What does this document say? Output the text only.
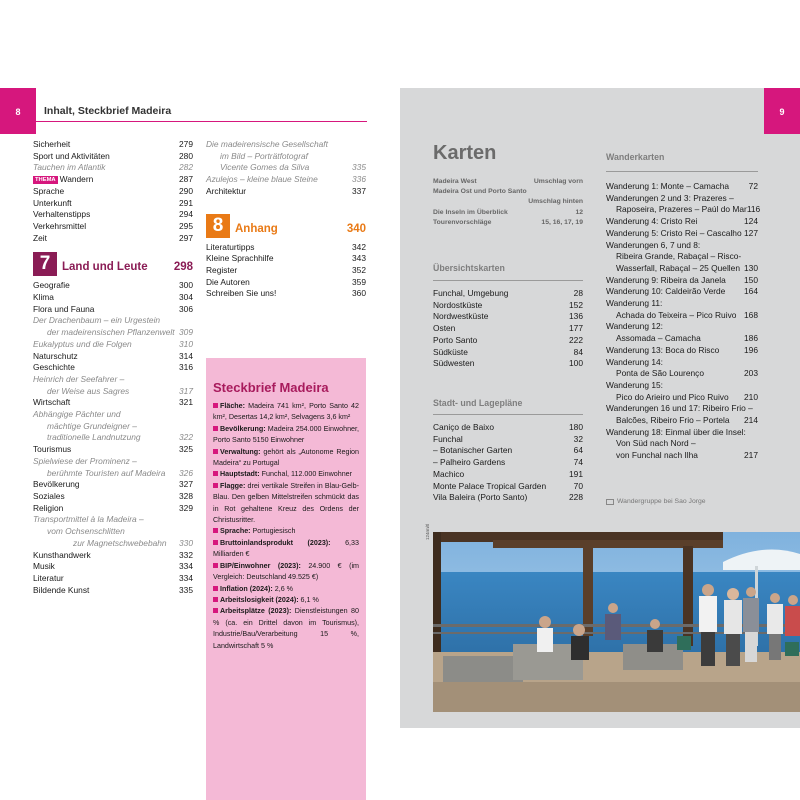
8	Inhalt, Steckbrief Madeira
Sicherheit	279
Sport und Aktivitäten	280
Tauchen im Atlantik	282
THEMA Wandern	287
Sprache	290
Unterkunft	291
Verhaltenstipps	294
Verkehrsmittel	295
Zeit	297
7	Land und Leute	298
Geografie	300
Klima	304
Flora und Fauna	306
Der Drachenbaum – ein Urgestein
der madeirensischen Pflanzenwelt 309
Eukalyptus und die Folgen	310
Naturschutz	314
Geschichte	316
Heinrich der Seefahrer –
der Weise aus Sagres	317
Wirtschaft	321
Abhängige Pächter und
mächtige Grundeigner –
traditionelle Landnutzung	322
Tourismus	325
Spielwiese der Prominenz –
berühmte Touristen auf Madeira	326
Bevölkerung	327
Soziales	328
Religion	329
Transportmittel à la Madeira –
vom Ochsenschlitten
zur Magnetschwebebahn	330
Kunsthandwerk	332
Musik	334
Literatur	334
Bildende Kunst	335
Die madeirensische Gesellschaft
im Bild – Porträtfotograf
Vicente Gomes da Silva	335
Azulejos – kleine blaue Steine	336
Architektur	337
8	Anhang	340
Literaturtipps	342
Kleine Sprachhilfe	343
Register	352
Die Autoren	359
Schreiben Sie uns!	360
Steckbrief Madeira
Fläche: Madeira 741 km², Porto Santo 42 km², Desertas 14,2 km², Selvagens 3,6 km²
Bevölkerung: Madeira 254.000 Einwohner, Porto Santo 5150 Einwohner
Verwaltung: gehört als „Autonome Region Madeira“ zu Portugal
Hauptstadt: Funchal, 112.000 Einwohner
Flagge: drei vertikale Streifen in Blau-Gelb-Blau. Den gelben Mittelstreifen schmückt das in Rot gehaltene Kreuz des Ordens der Christusritter.
Sprache: Portugiesisch
Bruttoinlandsprodukt (2023): 6,33 Milliarden €
BIP/Einwohner (2023): 24.900 € (im Vergleich: Deutschland 49.525 €)
Inflation (2024): 2,6 %
Arbeitslosigkeit (2024): 6,1 %
Arbeitsplätze (2023): Dienstleistungen 80 % (ca. ein Drittel davon im Tourismus), Industrie/Bau/Verarbeitung 15 %, Landwirtschaft 5 %
9
Karten
Madeira West	Umschlag vorn
Madeira Ost und Porto Santo
Umschlag hinten
Die Inseln im Überblick	12
Tourenvorschläge	15, 16, 17, 19
Übersichtskarten
Funchal, Umgebung	28
Nordostküste	152
Nordwestküste	136
Osten	177
Porto Santo	222
Südküste	84
Südwesten	100
Stadt- und Lagepläne
Caniço de Baixo	180
Funchal	32
– Botanischer Garten	64
– Palheiro Gardens	74
Machico	191
Monte Palace Tropical Garden	70
Vila Baleira (Porto Santo)	228
Wanderkarten
Wanderung 1: Monte – Camacha 72
Wanderungen 2 und 3: Prazeres –
Raposeira, Prazeres – Paúl do Mar 116
Wanderung 4: Cristo Rei	124
Wanderung 5: Cristo Rei – Cascalho 127
Wanderungen 6, 7 und 8:
Ribeira Grande, Rabaçal – Risco-
Wasserfall, Rabaçal – 25 Quellen 130
Wanderung 9: Ribeira da Janela 150
Wanderung 10: Caldeirão Verde 164
Wanderung 11:
Achada do Teixeira – Pico Ruivo 168
Wanderung 12:
Assomada – Camacha	186
Wanderung 13: Boca do Risco	196
Wanderung 14:
Ponta de São Lourenço	203
Wanderung 15:
Pico do Arieiro und Pico Ruivo 210
Wanderungen 16 und 17: Ribeiro Frio –
Balcões, Ribeiro Frio – Portela 214
Wanderung 18: Einmal über die Insel:
Von Süd nach Nord –
von Funchal nach Ilha	217
Wandergruppe bei Sao Jorge
124rm/tl
